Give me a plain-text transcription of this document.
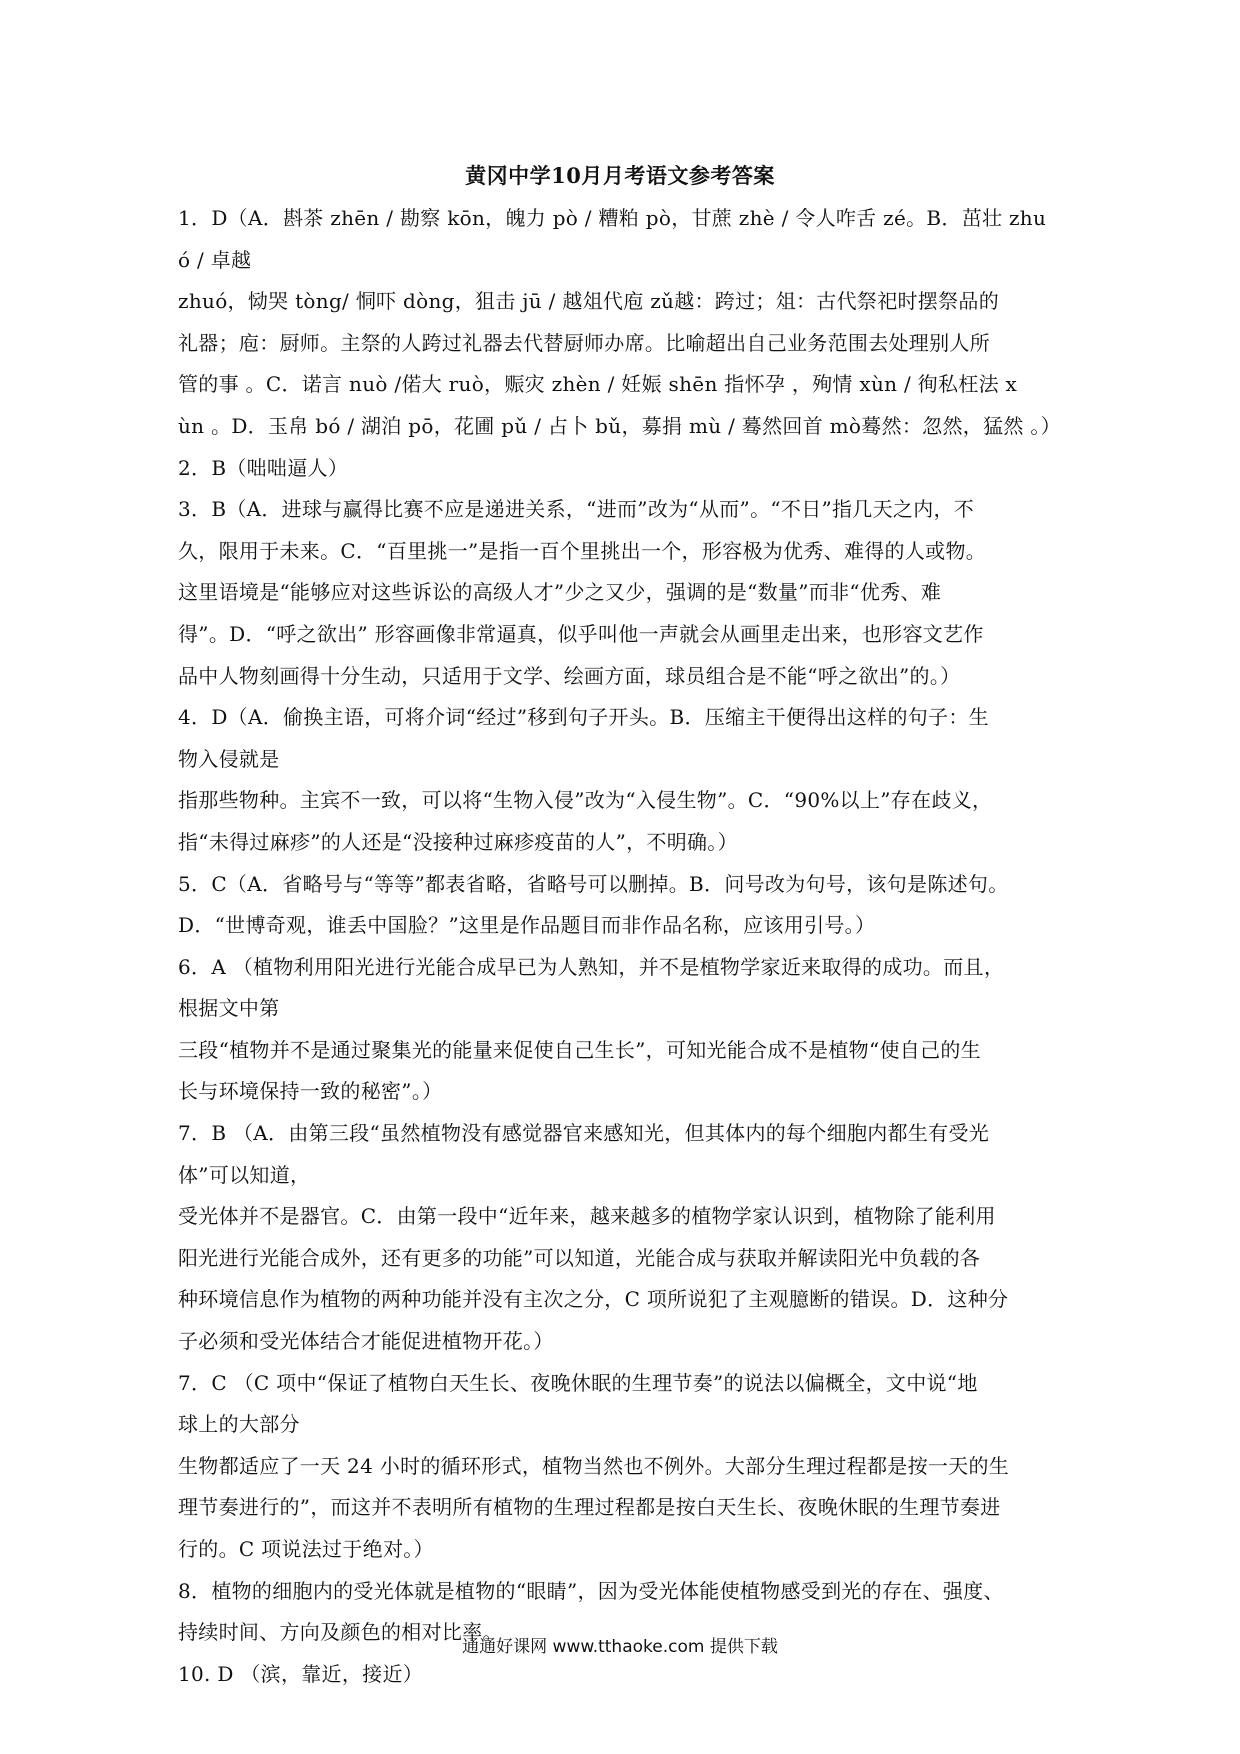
黄冈中学10月月考语文参考答案

1．D（A．斟茶 zhēn / 勘察 kōn，魄力 pò / 糟粕 pò，甘蔗 zhè / 令人咋舌 zé。B．茁壮 zhu

ó / 卓越

zhuó，恸哭 tòng/ 恫吓 dòng，狙击 jū / 越俎代庖 zǔ越：跨过；俎：古代祭祀时摆祭品的

礼器；庖：厨师。主祭的人跨过礼器去代替厨师办席。比喻超出自己业务范围去处理别人所

管的事 。C．诺言 nuò /偌大 ruò，赈灾 zhèn / 妊娠 shēn 指怀孕 ，殉情 xùn / 徇私枉法 x

ùn 。D．玉帛 bó / 湖泊 pō，花圃 pǔ / 占卜 bǔ，募捐 mù / 蓦然回首 mò蓦然：忽然，猛然 。）

2．B（咄咄逼人）

3．B（A．进球与赢得比赛不应是递进关系，“进而”改为“从而”。“不日”指几天之内，不

久，限用于未来。C．“百里挑一”是指一百个里挑出一个，形容极为优秀、难得的人或物。

这里语境是“能够应对这些诉讼的高级人才”少之又少，强调的是“数量”而非“优秀、难

得”。D．“呼之欲出” 形容画像非常逼真，似乎叫他一声就会从画里走出来，也形容文艺作

品中人物刻画得十分生动，只适用于文学、绘画方面，球员组合是不能“呼之欲出”的。）

4．D（A．偷换主语，可将介词“经过”移到句子开头。B．压缩主干便得出这样的句子：生

物入侵就是

指那些物种。主宾不一致，可以将“生物入侵”改为“入侵生物”。C．“90%以上”存在歧义，

指“未得过麻疹”的人还是“没接种过麻疹疫苗的人”，不明确。）

5．C（A．省略号与“等等”都表省略，省略号可以删掉。B．问号改为句号，该句是陈述句。

D．“世博奇观，谁丢中国脸？”这里是作品题目而非作品名称，应该用引号。）

6．A （植物利用阳光进行光能合成早已为人熟知，并不是植物学家近来取得的成功。而且，

根据文中第

三段“植物并不是通过聚集光的能量来促使自己生长”，可知光能合成不是植物“使自己的生

长与环境保持一致的秘密”。）

7．B （A．由第三段“虽然植物没有感觉器官来感知光，但其体内的每个细胞内都生有受光

体”可以知道，

受光体并不是器官。C．由第一段中“近年来，越来越多的植物学家认识到，植物除了能利用

阳光进行光能合成外，还有更多的功能”可以知道，光能合成与获取并解读阳光中负载的各

种环境信息作为植物的两种功能并没有主次之分，C 项所说犯了主观臆断的错误。D．这种分

子必须和受光体结合才能促进植物开花。）

7．C （C 项中“保证了植物白天生长、夜晚休眠的生理节奏”的说法以偏概全，文中说“地

球上的大部分

生物都适应了一天 24 小时的循环形式，植物当然也不例外。大部分生理过程都是按一天的生

理节奏进行的”，而这并不表明所有植物的生理过程都是按白天生长、夜晚休眠的生理节奏进

行的。C 项说法过于绝对。）

8．植物的细胞内的受光体就是植物的“眼睛”，因为受光体能使植物感受到光的存在、强度、

持续时间、方向及颜色的相对比率。

10. D （滨，靠近，接近）

通通好课网 www.tthaoke.com 提供下载
